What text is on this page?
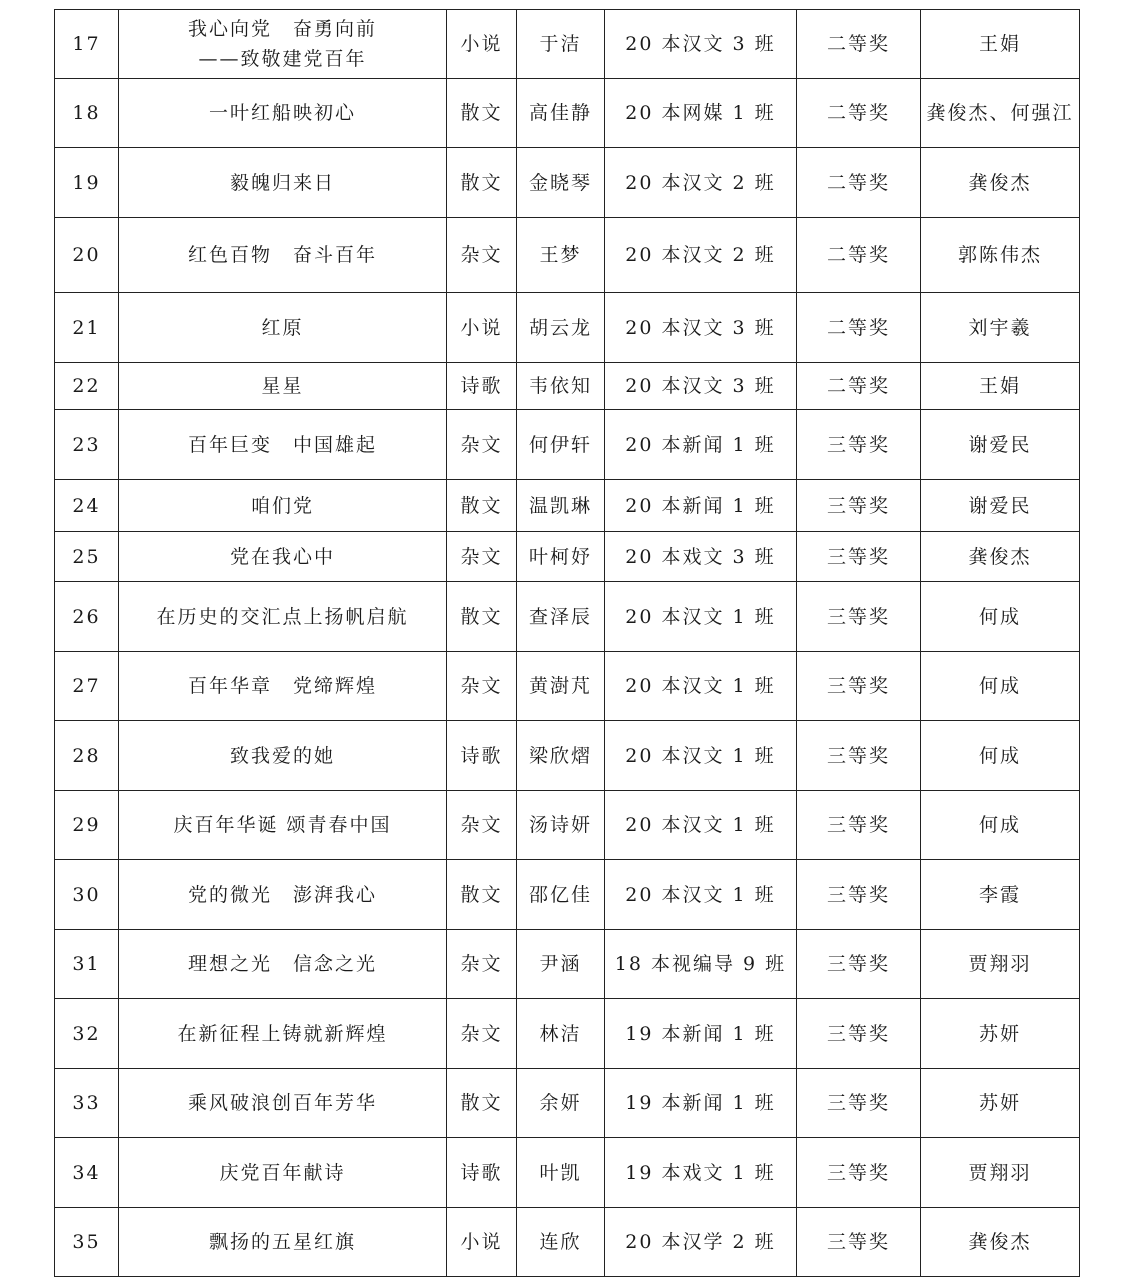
17	我心向党　奋勇向前
——致敬建党百年	小说	于洁	20 本汉文 3 班	二等奖	王娟
18	一叶红船映初心	散文	高佳静	20 本网媒 1 班	二等奖	龚俊杰、何强江
19	毅魄归来日	散文	金晓琴	20 本汉文 2 班	二等奖	龚俊杰
20	红色百物　奋斗百年	杂文	王梦	20 本汉文 2 班	二等奖	郭陈伟杰
21	红原	小说	胡云龙	20 本汉文 3 班	二等奖	刘宇羲
22	星星	诗歌	韦依知	20 本汉文 3 班	二等奖	王娟
23	百年巨变　中国雄起	杂文	何伊轩	20 本新闻 1 班	三等奖	谢爱民
24	咱们党	散文	温凯琳	20 本新闻 1 班	三等奖	谢爱民
25	党在我心中	杂文	叶柯妤	20 本戏文 3 班	三等奖	龚俊杰
26	在历史的交汇点上扬帆启航	散文	查泽辰	20 本汉文 1 班	三等奖	何成
27	百年华章　党缔辉煌	杂文	黄澍芃	20 本汉文 1 班	三等奖	何成
28	致我爱的她	诗歌	梁欣熠	20 本汉文 1 班	三等奖	何成
29	庆百年华诞 颂青春中国	杂文	汤诗妍	20 本汉文 1 班	三等奖	何成
30	党的微光　澎湃我心	散文	邵亿佳	20 本汉文 1 班	三等奖	李霞
31	理想之光　信念之光	杂文	尹涵	18 本视编导 9 班	三等奖	贾翔羽
32	在新征程上铸就新辉煌	杂文	林洁	19 本新闻 1 班	三等奖	苏妍
33	乘风破浪创百年芳华	散文	余妍	19 本新闻 1 班	三等奖	苏妍
34	庆党百年献诗	诗歌	叶凯	19 本戏文 1 班	三等奖	贾翔羽
35	飘扬的五星红旗	小说	连欣	20 本汉学 2 班	三等奖	龚俊杰
